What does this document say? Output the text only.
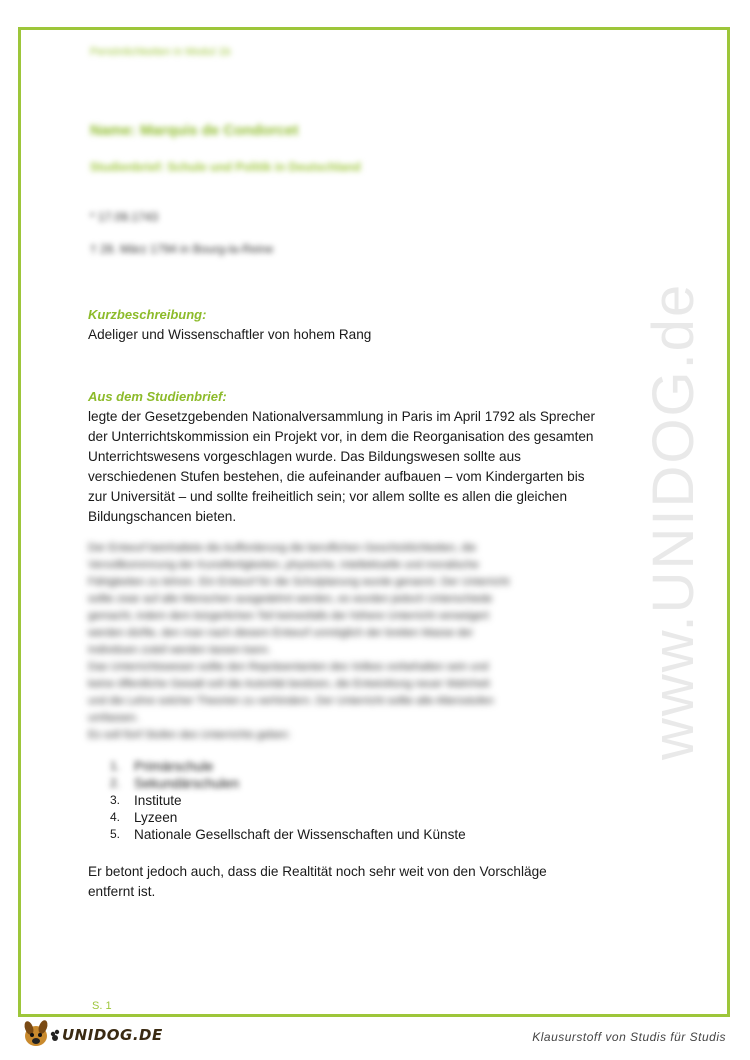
www.UNIDOG.de
Persönlichkeiten in Modul 1b
Name: Marquis de Condorcet
Studienbrief: Schule und Politik in Deutschland
* 17.09.1743
† 28. März 1794 in Bourg-la-Reine
Kurzbeschreibung:
Adeliger und Wissenschaftler von hohem Rang
Aus dem Studienbrief:
legte der Gesetzgebenden Nationalversammlung in Paris im April 1792 als Sprecher
der Unterrichtskommission ein Projekt vor, in dem die Reorganisation des gesamten
Unterrichtswesens vorgeschlagen wurde. Das Bildungswesen sollte aus
verschiedenen Stufen bestehen, die aufeinander aufbauen – vom Kindergarten bis
zur Universität – und sollte freiheitlich sein; vor allem sollte es allen die gleichen
Bildungschancen bieten.
Der Entwurf beinhaltete die Aufforderung die beruflichen Geschicklichkeiten, die
Vervollkommnung der Kunstfertigkeiten, physische, intellektuelle und moralische
Fähigkeiten zu lehren. Ein Entwurf für die Schulplanung wurde genannt. Der Unterricht
sollte zwar auf alle Menschen ausgedehnt werden, es wurden jedoch Unterschiede
gemacht, indem dem bürgerlichen Teil keinesfalls der höhere Unterricht verweigert
werden dürfte, den man nach diesem Entwurf unmöglich der breiten Masse der
Individuen zuteil werden lassen kann.
Das Unterrichtswesen sollte den Repräsentanten des Volkes vorbehalten sein und
keine öffentliche Gewalt soll die Autorität besitzen, die Entwicklung neuer Wahrheit
und die Lehre solcher Theorien zu verhindern. Der Unterricht sollte alle Altersstufen
umfassen.
Es soll fünf Stufen des Unterrichts geben:
1.	Primärschule
2.	Sekundärschulen
3.	Institute
4.	Lyzeen
5.	Nationale Gesellschaft der Wissenschaften und Künste
Er betont jedoch auch, dass die Realtität noch sehr weit von den Vorschläge
entfernt ist.
S. 1
UNIDOG.DE	Klausurstoff von Studis für Studis
